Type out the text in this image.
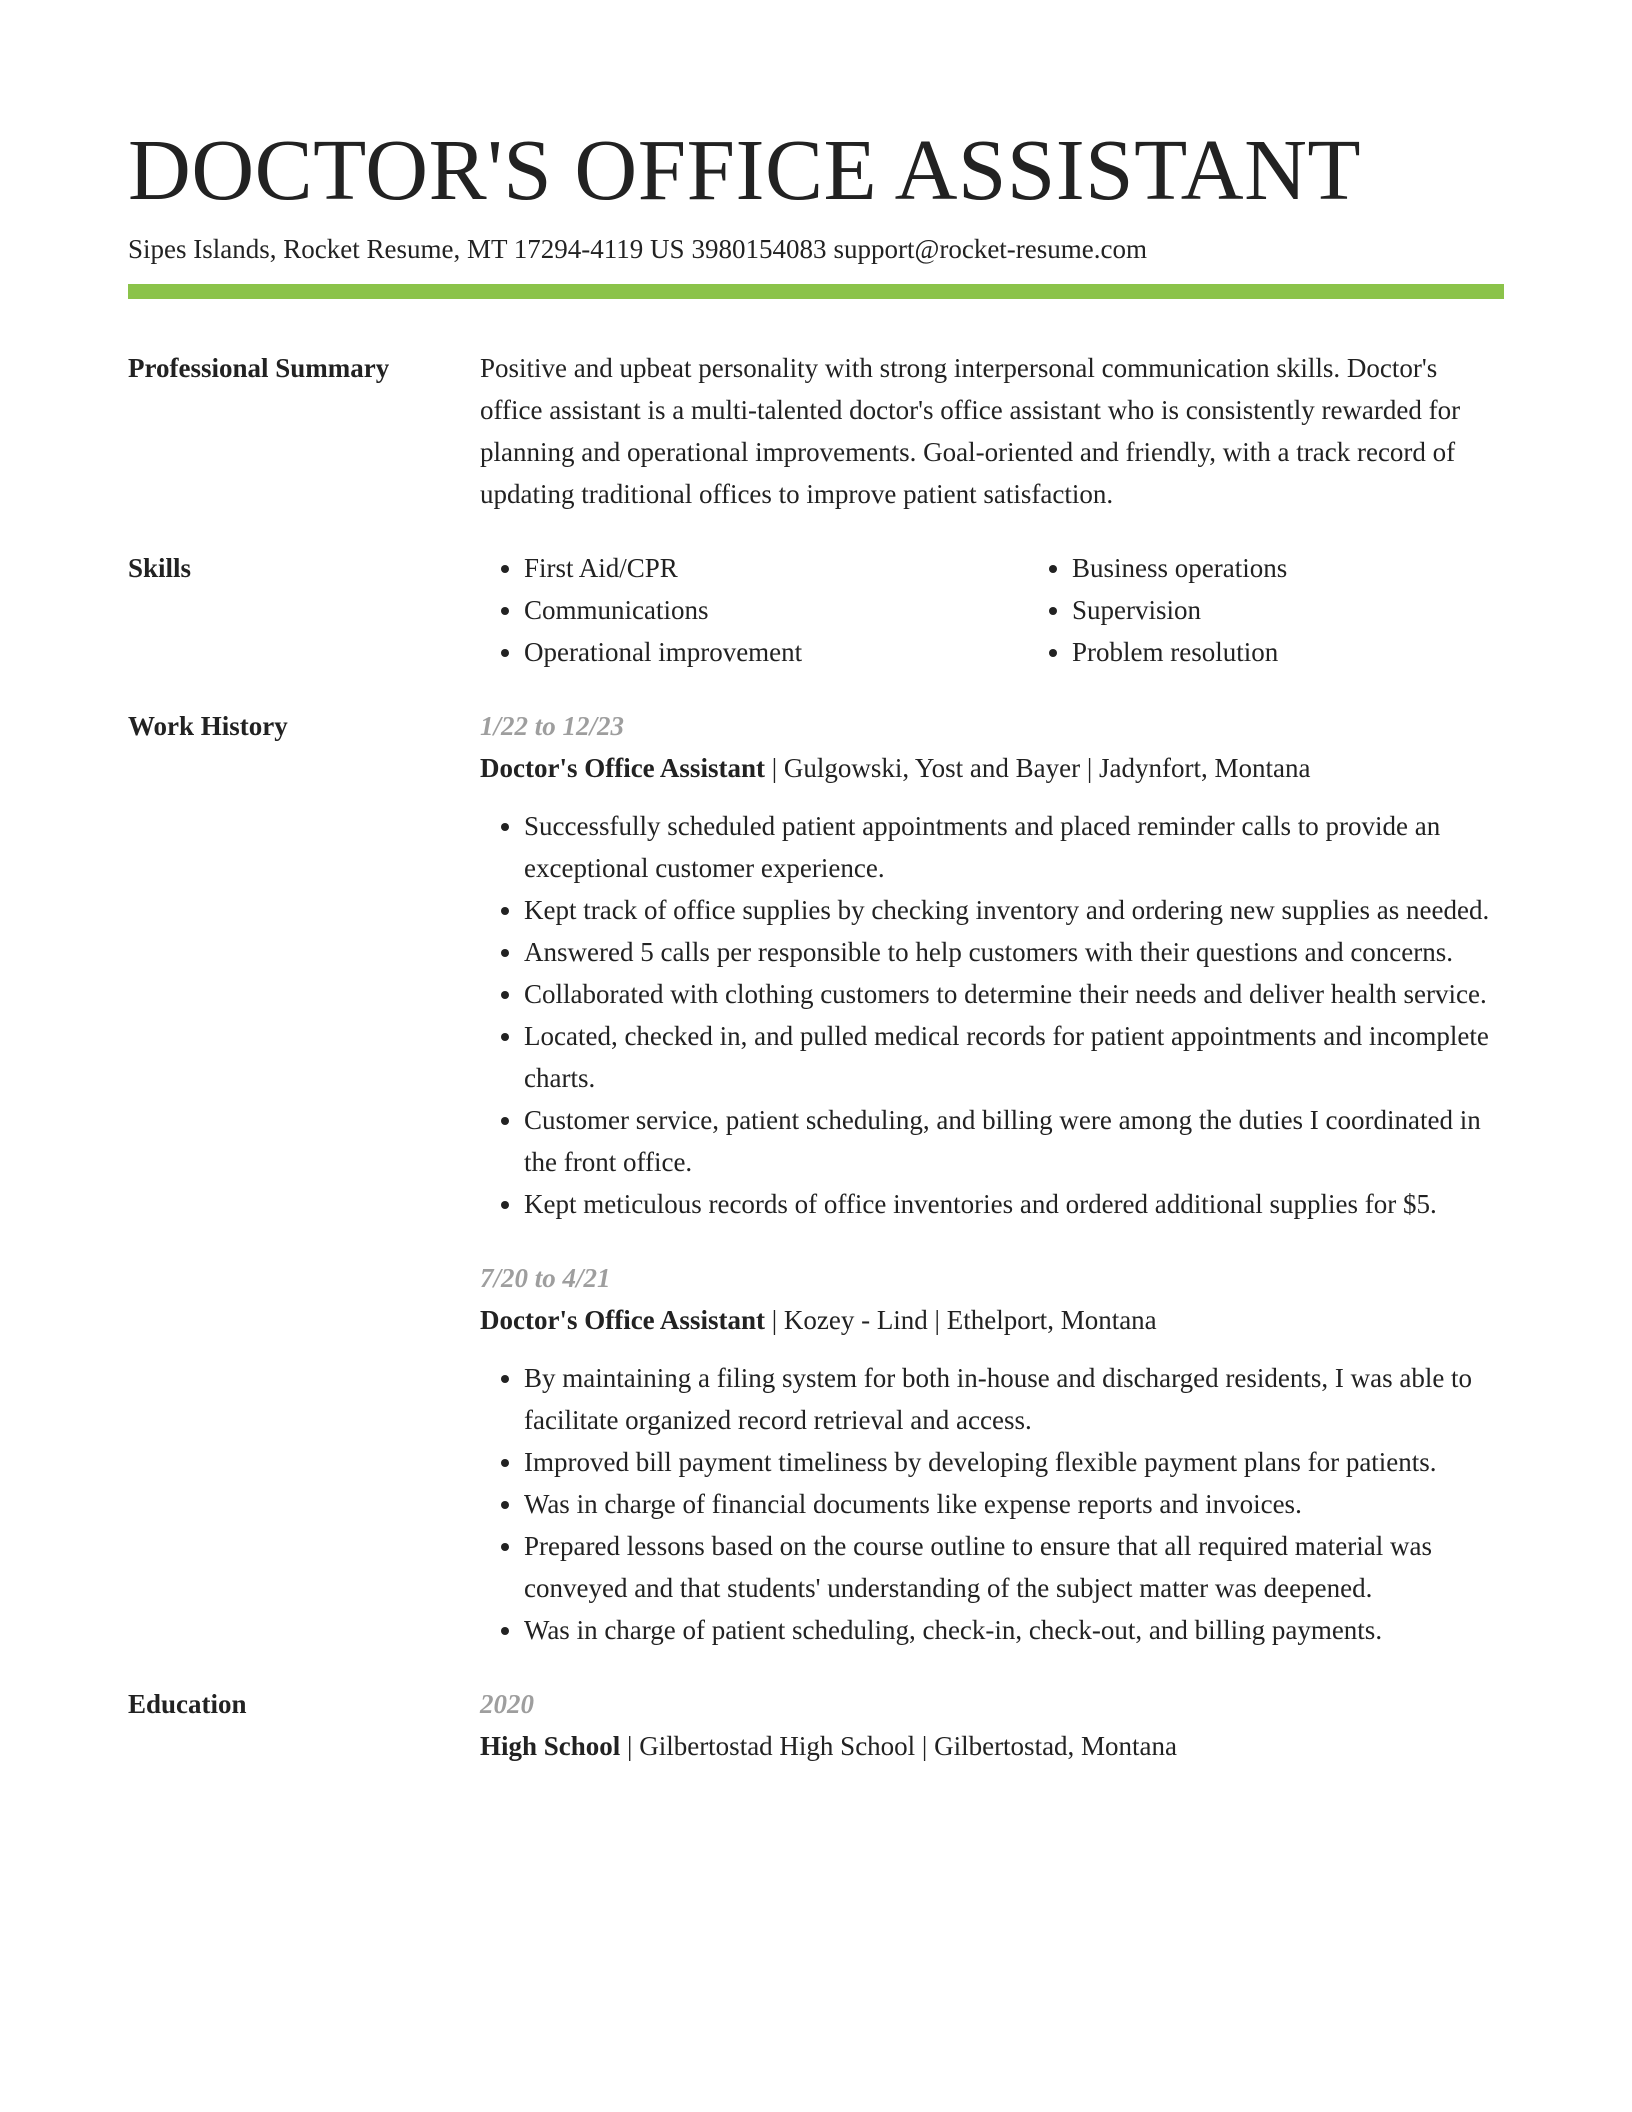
DOCTOR'S OFFICE ASSISTANT
Sipes Islands, Rocket Resume, MT 17294-4119 US 3980154083 support@rocket-resume.com
Professional Summary	Positive and upbeat personality with strong interpersonal communication skills. Doctor's office assistant is a multi-talented doctor's office assistant who is consistently rewarded for planning and operational improvements. Goal-oriented and friendly, with a track record of updating traditional offices to improve patient satisfaction.
Skills
•	First Aid/CPR
• Communications
• Operational improvement
• Business operations
• Supervision
• Problem resolution
Work History	1/22 to 12/23
Doctor's Office Assistant | Gulgowski, Yost and Bayer | Jadynfort, Montana
• Successfully scheduled patient appointments and placed reminder calls to provide an exceptional customer experience.
• Kept track of office supplies by checking inventory and ordering new supplies as needed.
• Answered 5 calls per responsible to help customers with their questions and concerns.
• Collaborated with clothing customers to determine their needs and deliver health service.
• Located, checked in, and pulled medical records for patient appointments and incomplete charts.
• Customer service, patient scheduling, and billing were among the duties I coordinated in the front office.
• Kept meticulous records of office inventories and ordered additional supplies for $5.
7/20 to 4/21
Doctor's Office Assistant | Kozey - Lind | Ethelport, Montana
• By maintaining a filing system for both in-house and discharged residents, I was able to facilitate organized record retrieval and access.
• Improved bill payment timeliness by developing flexible payment plans for patients.
• Was in charge of financial documents like expense reports and invoices.
• Prepared lessons based on the course outline to ensure that all required material was conveyed and that students' understanding of the subject matter was deepened.
• Was in charge of patient scheduling, check-in, check-out, and billing payments.
Education	2020
High School | Gilbertostad High School | Gilbertostad, Montana
